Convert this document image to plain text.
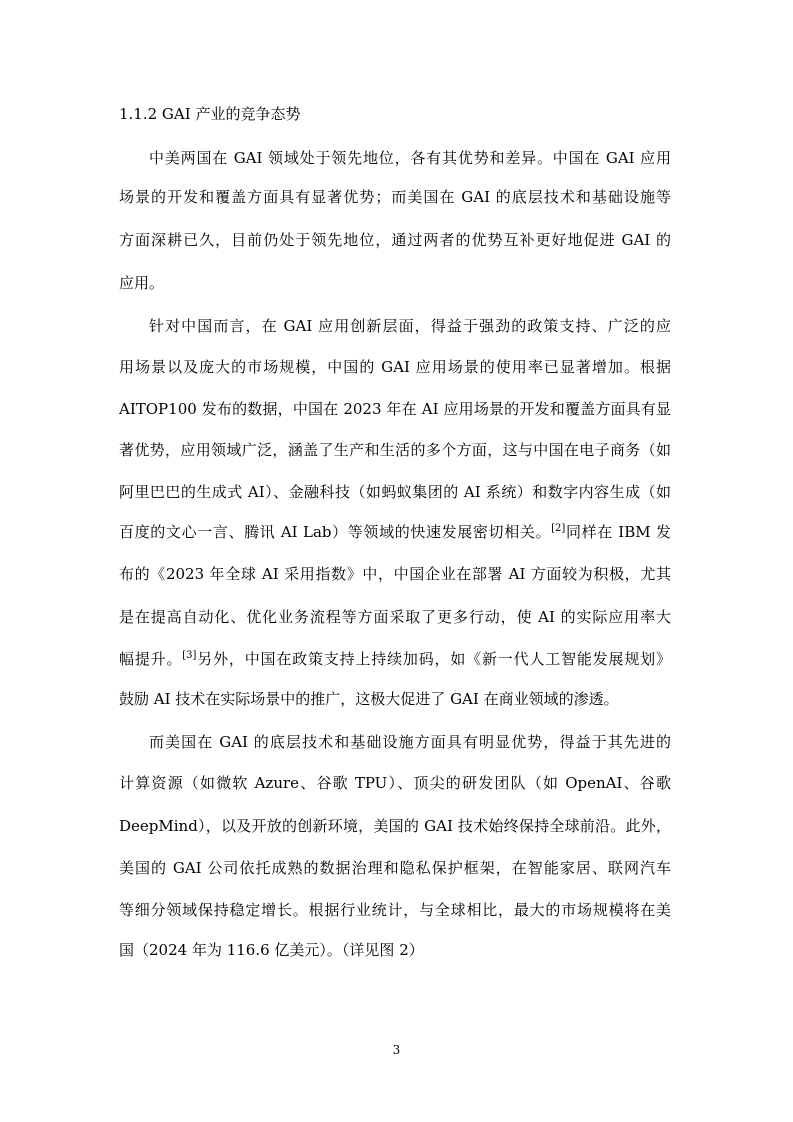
1.1.2 GAI 产业的竞争态势
中美两国在 GAI 领域处于领先地位，各有其优势和差异。中国在 GAI 应用
场景的开发和覆盖方面具有显著优势；而美国在 GAI 的底层技术和基础设施等
方面深耕已久，目前仍处于领先地位，通过两者的优势互补更好地促进 GAI 的
应用。
针对中国而言，在 GAI 应用创新层面，得益于强劲的政策支持、广泛的应
用场景以及庞大的市场规模，中国的 GAI 应用场景的使用率已显著增加。根据
AITOP100 发布的数据，中国在 2023 年在 AI 应用场景的开发和覆盖方面具有显
著优势，应用领域广泛，涵盖了生产和生活的多个方面，这与中国在电子商务（如
阿里巴巴的生成式 AI）、金融科技（如蚂蚁集团的 AI 系统）和数字内容生成（如
百度的文心一言、腾讯 AI Lab）等领域的快速发展密切相关。[2]同样在 IBM 发
布的《2023 年全球 AI 采用指数》中，中国企业在部署 AI 方面较为积极，尤其
是在提高自动化、优化业务流程等方面采取了更多行动，使 AI 的实际应用率大
幅提升。[3]另外，中国在政策支持上持续加码，如《新一代人工智能发展规划》
鼓励 AI 技术在实际场景中的推广，这极大促进了 GAI 在商业领域的渗透。
而美国在 GAI 的底层技术和基础设施方面具有明显优势，得益于其先进的
计算资源（如微软 Azure、谷歌 TPU）、顶尖的研发团队（如 OpenAI、谷歌
DeepMind），以及开放的创新环境，美国的 GAI 技术始终保持全球前沿。此外，
美国的 GAI 公司依托成熟的数据治理和隐私保护框架，在智能家居、联网汽车
等细分领域保持稳定增长。根据行业统计，与全球相比，最大的市场规模将在美
国（2024 年为 116.6 亿美元）。（详见图 2）
3
